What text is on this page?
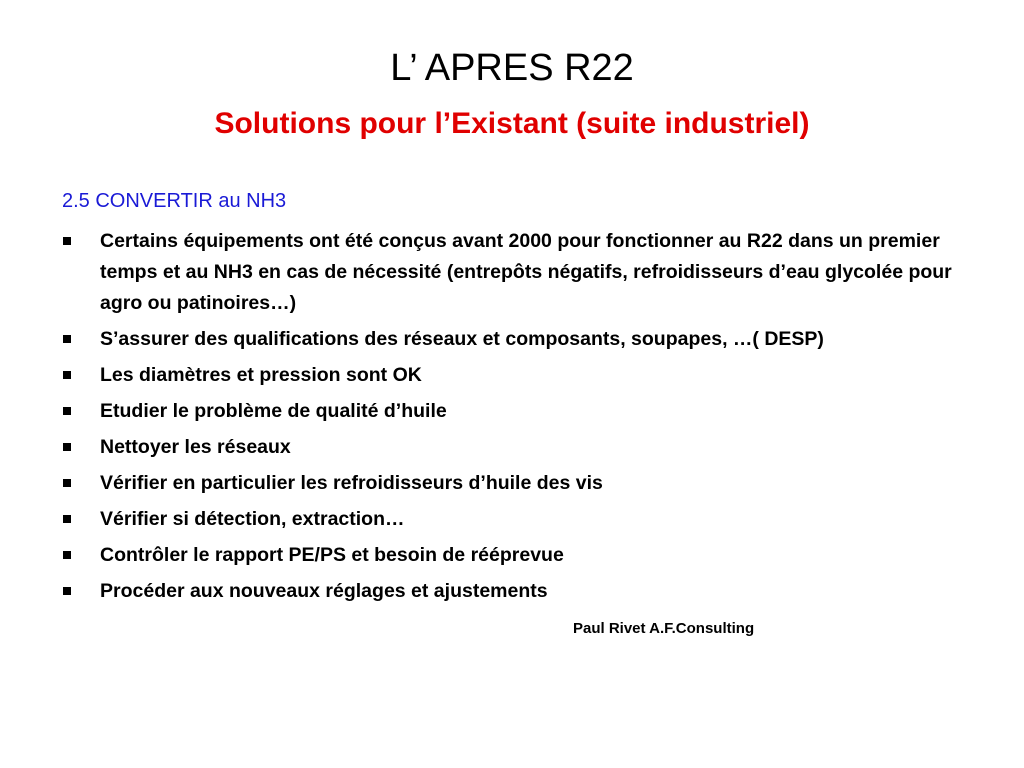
L’ APRES R22
Solutions pour l’Existant (suite industriel)
2.5 CONVERTIR au NH3
Certains équipements ont été conçus avant 2000 pour fonctionner au R22 dans un premier temps et au NH3 en cas de nécessité (entrepôts négatifs, refroidisseurs d’eau glycolée pour agro ou patinoires…)
S’assurer des qualifications des réseaux et composants, soupapes, …( DESP)
Les diamètres et pression sont OK
Etudier le problème de qualité d’huile
Nettoyer les réseaux
Vérifier en particulier les refroidisseurs d’huile des vis
Vérifier si détection, extraction…
Contrôler le rapport PE/PS et besoin de rééprevue
Procéder aux nouveaux réglages et ajustements
Paul Rivet A.F.Consulting
